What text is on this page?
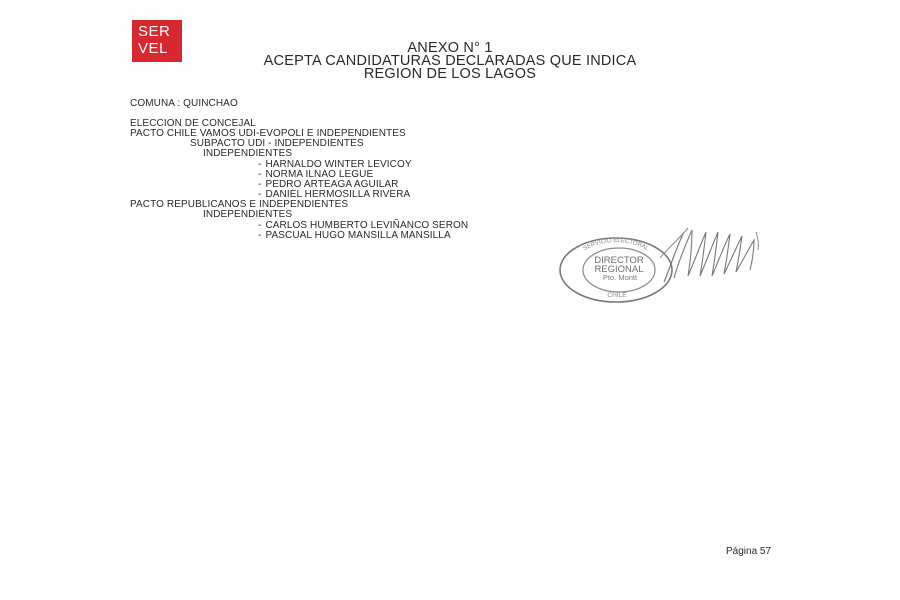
SER
VEL	ANEXO N° 1
ACEPTA CANDIDATURAS DECLARADAS QUE INDICA
REGION DE LOS LAGOS
COMUNA : QUINCHAO
ELECCION DE CONCEJAL
PACTO CHILE VAMOS UDI-EVOPOLI E INDEPENDIENTES
SUBPACTO UDI - INDEPENDIENTES
INDEPENDIENTES
- HARNALDO WINTER LEVICOY
- NORMA ILNAO LEGUE
- PEDRO ARTEAGA AGUILAR
- DANIEL HERMOSILLA RIVERA
PACTO REPUBLICANOS E INDEPENDIENTES
INDEPENDIENTES
- CARLOS HUMBERTO LEVIÑANCO SERON
- PASCUAL HUGO MANSILLA MANSILLA
SERVICIO ELECTORAL
DIRECTOR
REGIONAL
Pto. Montt
CHILE
Página 57
